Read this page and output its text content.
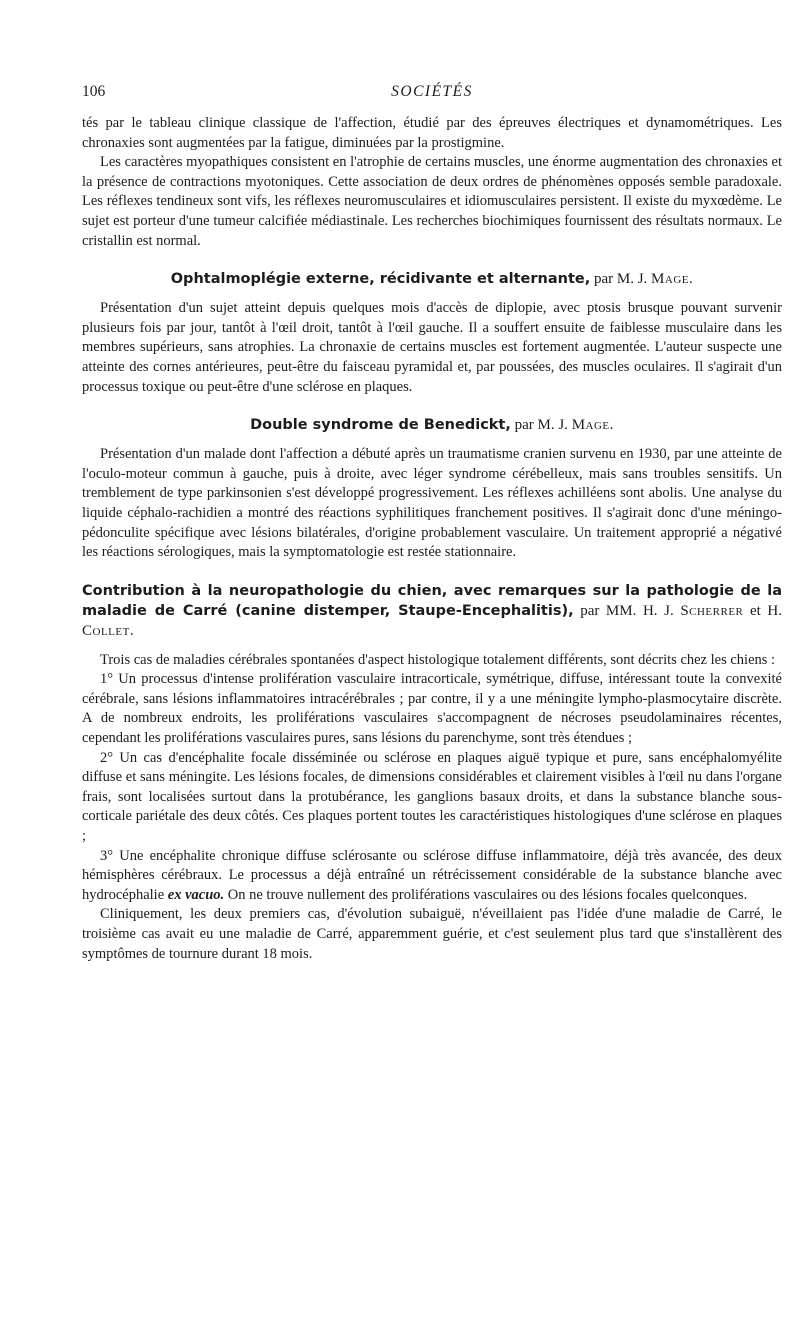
106	SOCIÉTÉS

tés par le tableau clinique classique de l'affection, étudié par des épreuves électriques et dynamométriques. Les chronaxies sont augmentées par la fatigue, diminuées par la prostigmine.

Les caractères myopathiques consistent en l'atrophie de certains muscles, une énorme augmentation des chronaxies et la présence de contractions myotoniques. Cette association de deux ordres de phénomènes opposés semble paradoxale. Les réflexes tendineux sont vifs, les réflexes neuromusculaires et idiomusculaires persistent. Il existe du myxœdème. Le sujet est porteur d'une tumeur calcifiée médiastinale. Les recherches biochimiques fournissent des résultats normaux. Le cristallin est normal.

Ophtalmoplégie externe, récidivante et alternante, par M. J. Mage.

Présentation d'un sujet atteint depuis quelques mois d'accès de diplopie, avec ptosis brusque pouvant survenir plusieurs fois par jour, tantôt à l'œil droit, tantôt à l'œil gauche. Il a souffert ensuite de faiblesse musculaire dans les membres supérieurs, sans atrophies. La chronaxie de certains muscles est fortement augmentée. L'auteur suspecte une atteinte des cornes antérieures, peut-être du faisceau pyramidal et, par poussées, des muscles oculaires. Il s'agirait d'un processus toxique ou peut-être d'une sclérose en plaques.

Double syndrome de Benedickt, par M. J. Mage.

Présentation d'un malade dont l'affection a débuté après un traumatisme cranien survenu en 1930, par une atteinte de l'oculo-moteur commun à gauche, puis à droite, avec léger syndrome cérébelleux, mais sans troubles sensitifs. Un tremblement de type parkinsonien s'est développé progressivement. Les réflexes achilléens sont abolis. Une analyse du liquide céphalo-rachidien a montré des réactions syphilitiques franchement positives. Il s'agirait donc d'une méningo-pédonculite spécifique avec lésions bilatérales, d'origine probablement vasculaire. Un traitement approprié a négativé les réactions sérologiques, mais la symptomatologie est restée stationnaire.

Contribution à la neuropathologie du chien, avec remarques sur la pathologie de la maladie de Carré (canine distemper, Staupe-Encephalitis), par MM. H. J. Scherrer et H. Collet.

Trois cas de maladies cérébrales spontanées d'aspect histologique totalement différents, sont décrits chez les chiens :

1° Un processus d'intense prolifération vasculaire intracorticale, symétrique, diffuse, intéressant toute la convexité cérébrale, sans lésions inflammatoires intracérébrales ; par contre, il y a une méningite lympho-plasmocytaire discrète. A de nombreux endroits, les proliférations vasculaires s'accompagnent de nécroses pseudolaminaires récentes, cependant les proliférations vasculaires pures, sans lésions du parenchyme, sont très étendues ;

2° Un cas d'encéphalite focale disséminée ou sclérose en plaques aiguë typique et pure, sans encéphalomyélite diffuse et sans méningite. Les lésions focales, de dimensions considérables et clairement visibles à l'œil nu dans l'organe frais, sont localisées surtout dans la protubérance, les ganglions basaux droits, et dans la substance blanche sous-corticale pariétale des deux côtés. Ces plaques portent toutes les caractéristiques histologiques d'une sclérose en plaques ;

3° Une encéphalite chronique diffuse sclérosante ou sclérose diffuse inflammatoire, déjà très avancée, des deux hémisphères cérébraux. Le processus a déjà entraîné un rétrécissement considérable de la substance blanche avec hydrocéphalie ex vacuo. On ne trouve nullement des proliférations vasculaires ou des lésions focales quelconques.

Cliniquement, les deux premiers cas, d'évolution subaiguë, n'éveillaient pas l'idée d'une maladie de Carré, le troisième cas avait eu une maladie de Carré, apparemment guérie, et c'est seulement plus tard que s'installèrent des symptômes de tournure durant 18 mois.
